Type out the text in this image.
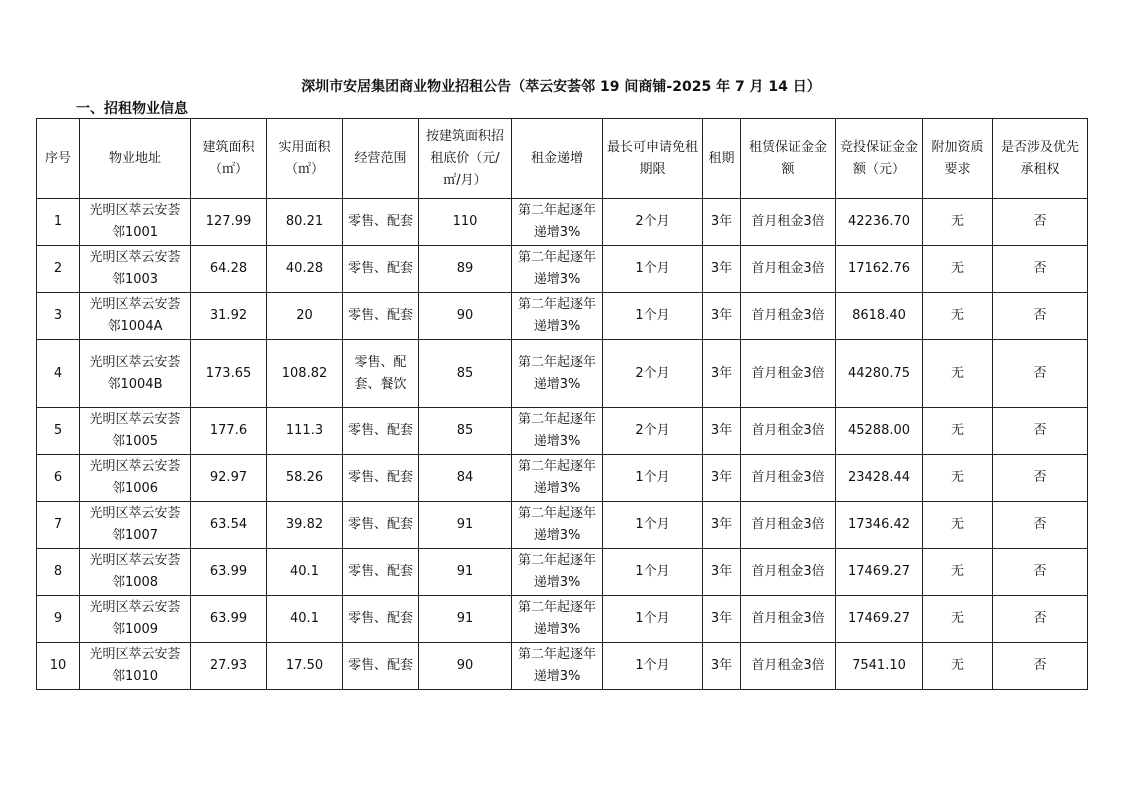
深圳市安居集团商业物业招租公告（萃云安荟邻 19 间商铺-2025 年 7 月 14 日）
一、招租物业信息
序号	物业地址	建筑面积（㎡）	实用面积（㎡）	经营范围	按建筑面积招租底价（元/㎡/月）	租金递增	最长可申请免租期限	租期	租赁保证金金额	竞投保证金金额（元）	附加资质要求	是否涉及优先承租权
1	光明区萃云安荟邻1001	127.99	80.21	零售、配套	110	第二年起逐年递增3%	2个月	3年	首月租金3倍	42236.70	无	否
2	光明区萃云安荟邻1003	64.28	40.28	零售、配套	89	第二年起逐年递增3%	1个月	3年	首月租金3倍	17162.76	无	否
3	光明区萃云安荟邻1004A	31.92	20	零售、配套	90	第二年起逐年递增3%	1个月	3年	首月租金3倍	8618.40	无	否
4	光明区萃云安荟邻1004B	173.65	108.82	零售、配套、餐饮	85	第二年起逐年递增3%	2个月	3年	首月租金3倍	44280.75	无	否
5	光明区萃云安荟邻1005	177.6	111.3	零售、配套	85	第二年起逐年递增3%	2个月	3年	首月租金3倍	45288.00	无	否
6	光明区萃云安荟邻1006	92.97	58.26	零售、配套	84	第二年起逐年递增3%	1个月	3年	首月租金3倍	23428.44	无	否
7	光明区萃云安荟邻1007	63.54	39.82	零售、配套	91	第二年起逐年递增3%	1个月	3年	首月租金3倍	17346.42	无	否
8	光明区萃云安荟邻1008	63.99	40.1	零售、配套	91	第二年起逐年递增3%	1个月	3年	首月租金3倍	17469.27	无	否
9	光明区萃云安荟邻1009	63.99	40.1	零售、配套	91	第二年起逐年递增3%	1个月	3年	首月租金3倍	17469.27	无	否
10	光明区萃云安荟邻1010	27.93	17.50	零售、配套	90	第二年起逐年递增3%	1个月	3年	首月租金3倍	7541.10	无	否
